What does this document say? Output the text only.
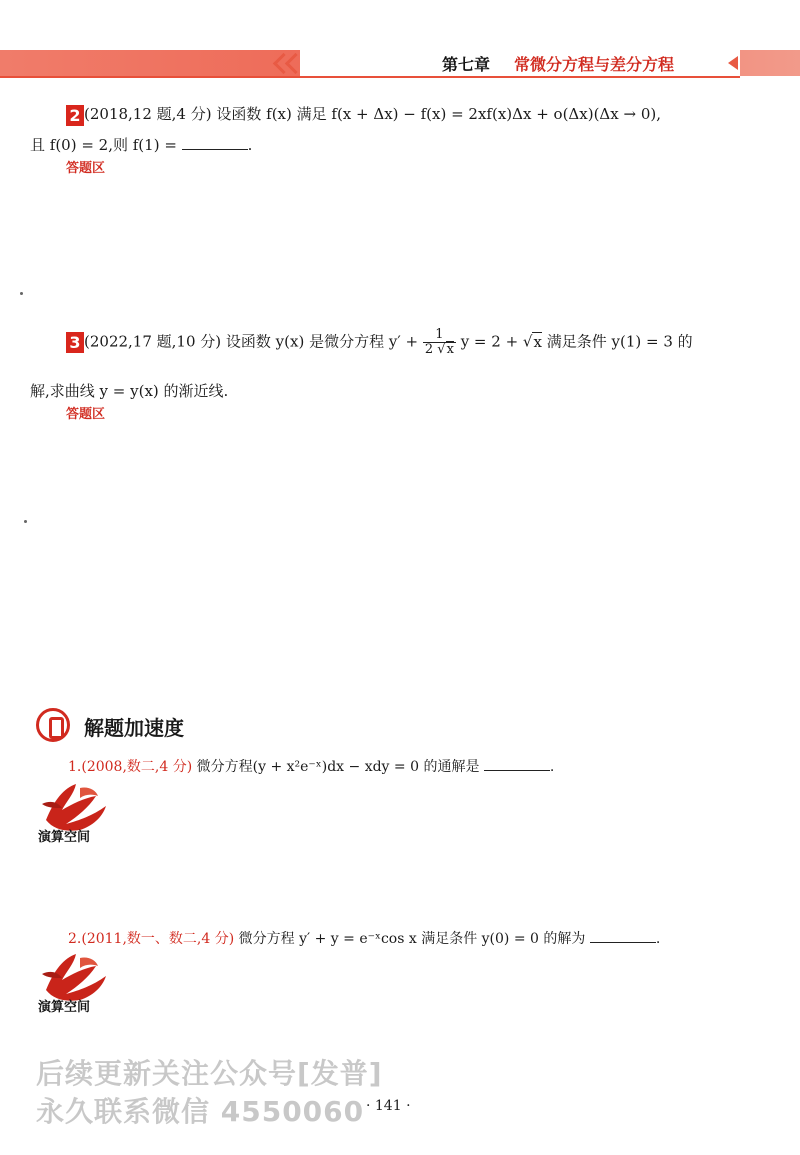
第七章 常微分方程与差分方程
2 (2018,12 题,4 分) 设函数 f(x) 满足 f(x + Δx) − f(x) = 2xf(x)Δx + o(Δx)(Δx → 0),
且 f(0) = 2,则 f(1) =	.
答题区
3 (2022,17 题,10 分) 设函数 y(x) 是微分方程 $y' + \frac{1}{2 √x}$ y = 2 + √x 满足条件 y(1) = 3 的
解,求曲线 y = y(x) 的渐近线.
答题区
解题加速度
1.(2008,数二,4 分) 微分方程(y + x²e⁻ˣ)dx − xdy = 0 的通解是	.
演算空间
2.(2011,数一、数二,4 分) 微分方程 y′ + y = e⁻ˣcos x 满足条件 y(0) = 0 的解为	.
演算空间
后续更新关注公众号[发普]
永久联系微信 4550060 · 141 ·
